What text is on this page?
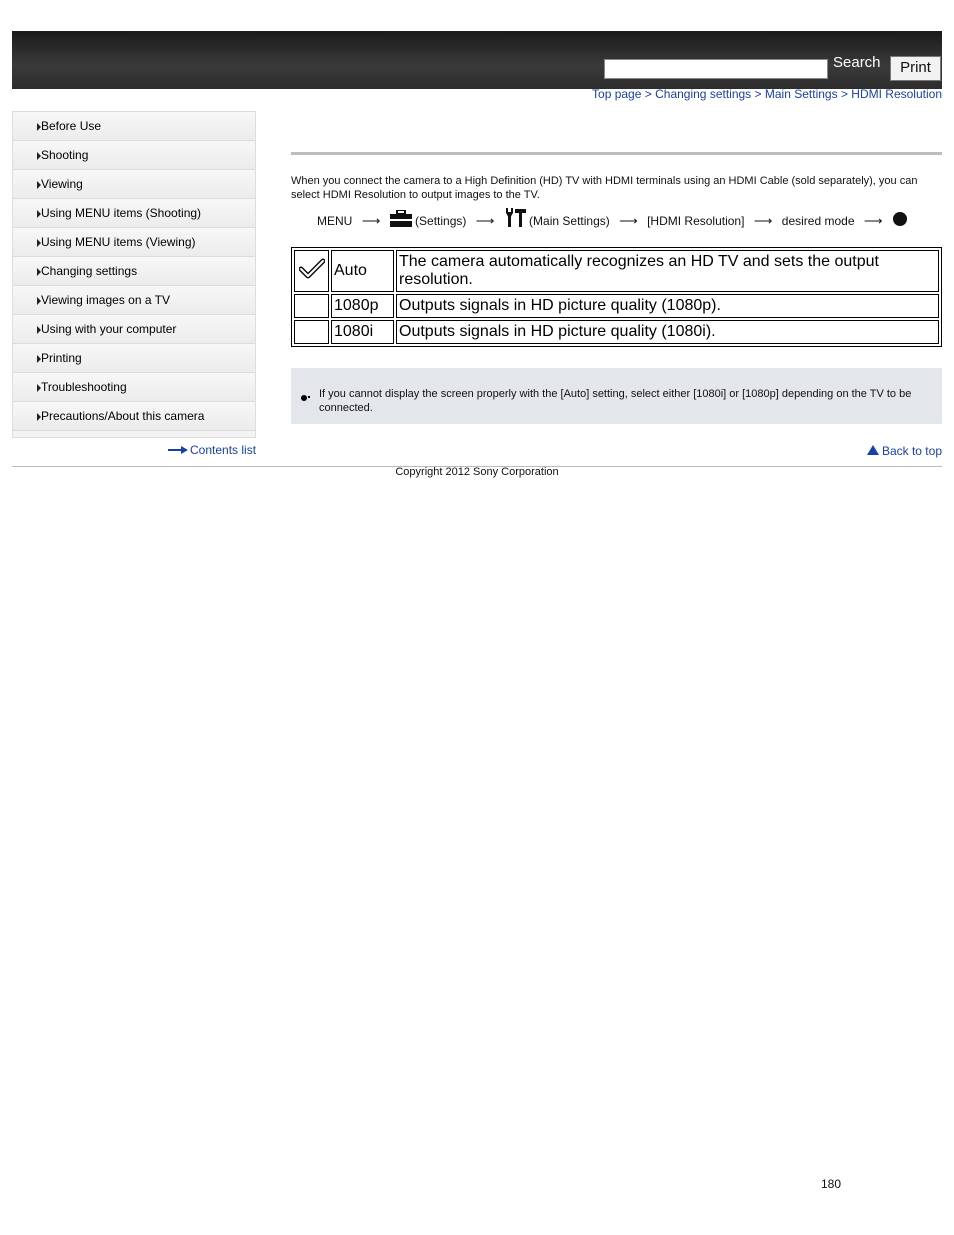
Search	Print
Top page > Changing settings > Main Settings > HDMI Resolution
Before Use
Shooting
Viewing
Using MENU items (Shooting)
Using MENU items (Viewing)
Changing settings
Viewing images on a TV
Using with your computer
Printing
Troubleshooting
Precautions/About this camera
Contents list
When you connect the camera to a High Definition (HD) TV with HDMI terminals using an HDMI Cable (sold separately), you can select HDMI Resolution to output images to the TV.
MENU ⟶	(Settings) ⟶	(Main Settings) ⟶ [HDMI Resolution] ⟶ desired mode ⟶
	Auto	The camera automatically recognizes an HD TV and sets the output resolution.
	1080p	Outputs signals in HD picture quality (1080p).
	1080i	Outputs signals in HD picture quality (1080i).
If you cannot display the screen properly with the [Auto] setting, select either [1080i] or [1080p] depending on the TV to be connected.
Back to top
Copyright 2012 Sony Corporation
180
